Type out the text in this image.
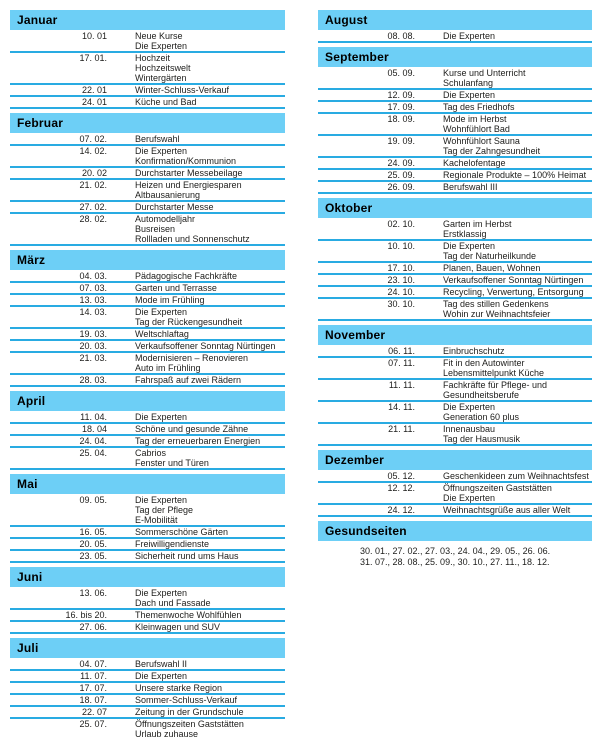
Januar
10. 01	Neue Kurse
Die Experten
17. 01.	Hochzeit
Hochzeitswelt
Wintergärten
22. 01	Winter-Schluss-Verkauf
24. 01	Küche und Bad
Februar
07. 02.	Berufswahl
14. 02.	Die Experten
Konfirmation/Kommunion
20. 02	Durchstarter Messebeilage
21. 02.	Heizen und Energiesparen
Altbausanierung
27. 02.	Durchstarter Messe
28. 02.	Automodelljahr
Busreisen
Rollladen und Sonnenschutz
März
04. 03.	Pädagogische Fachkräfte
07. 03.	Garten und Terrasse
13. 03.	Mode im Frühling
14. 03.	Die Experten
Tag der Rückengesundheit
19. 03.	Weltschlaftag
20. 03.	Verkaufsoffener Sonntag Nürtingen
21. 03.	Modernisieren – Renovieren
Auto im Frühling
28. 03.	Fahrspaß auf zwei Rädern
April
11. 04.	Die Experten
18. 04	Schöne und gesunde Zähne
24. 04.	Tag der erneuerbaren Energien
25. 04.	Cabrios
Fenster und Türen
Mai
09. 05.	Die Experten
Tag der Pflege
E-Mobilität
16. 05.	Sommerschöne Gärten
20. 05.	Freiwilligendienste
23. 05.	Sicherheit rund ums Haus
Juni
13. 06.	Die Experten
Dach und Fassade
16. bis 20.	Themenwoche Wohlfühlen
27. 06.	Kleinwagen und SUV
Juli
04. 07.	Berufswahl II
11. 07.	Die Experten
17. 07.	Unsere starke Region
18. 07.	Sommer-Schluss-Verkauf
22. 07	Zeitung in der Grundschule
25. 07.	Öffnungszeiten Gaststätten
Urlaub zuhause
August
08. 08.	Die Experten
September
05. 09.	Kurse und Unterricht
Schulanfang
12. 09.	Die Experten
17. 09.	Tag des Friedhofs
18. 09.	Mode im Herbst
Wohnfühlort Bad
19. 09.	Wohnfühlort Sauna
Tag der Zahngesundheit
24. 09.	Kachelofentage
25. 09.	Regionale Produkte – 100% Heimat
26. 09.	Berufswahl III
Oktober
02. 10.	Garten im Herbst
Erstklassig
10. 10.	Die Experten
Tag der Naturheilkunde
17. 10.	Planen, Bauen, Wohnen
23. 10.	Verkaufsoffener Sonntag Nürtingen
24. 10.	Recycling, Verwertung, Entsorgung
30. 10.	Tag des stillen Gedenkens
Wohin zur Weihnachtsfeier
November
06. 11.	Einbruchschutz
07. 11.	Fit in den Autowinter
Lebensmittelpunkt Küche
11. 11.	Fachkräfte für Pflege- und
Gesundheitsberufe
14. 11.	Die Experten
Generation 60 plus
21. 11.	Innenausbau
Tag der Hausmusik
Dezember
05. 12.	Geschenkideen zum Weihnachtsfest
12. 12.	Öffnungszeiten Gaststätten
Die Experten
24. 12.	Weihnachtsgrüße aus aller Welt
Gesundseiten
30. 01., 27. 02., 27. 03., 24. 04., 29. 05., 26. 06.
31. 07., 28. 08., 25. 09., 30. 10., 27. 11., 18. 12.
